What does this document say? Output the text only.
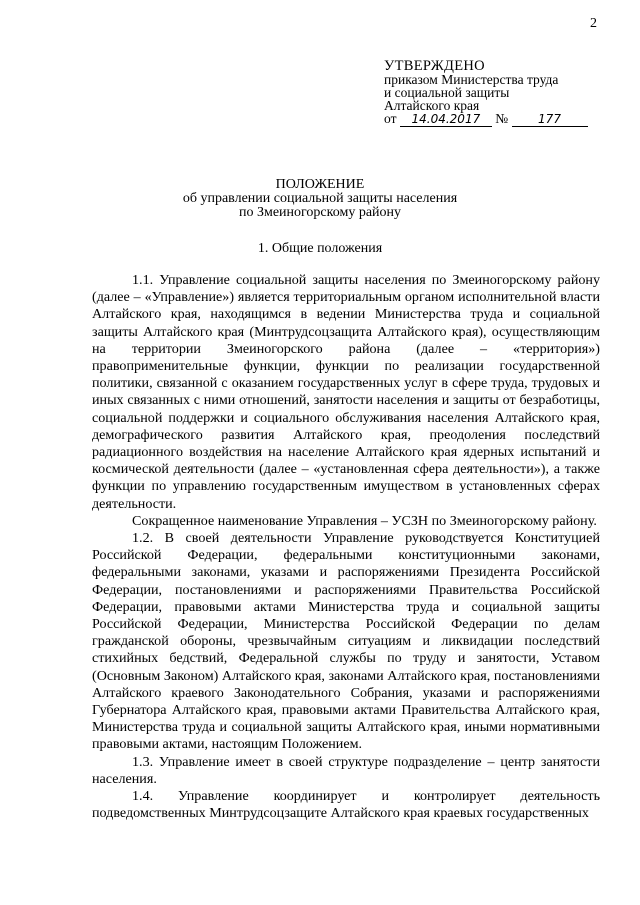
2
УТВЕРЖДЕНО
приказом Министерства труда
и социальной защиты
Алтайского края
от 14.04.2017 № 177
ПОЛОЖЕНИЕ
об управлении социальной защиты населения
по Змеиногорскому району
1. Общие положения

1.1. Управление социальной защиты населения по Змеиногорскому району (далее – «Управление») является территориальным органом исполнительной власти Алтайского края, находящимся в ведении Министерства труда и социальной защиты Алтайского края (Минтрудсоцзащита Алтайского края), осуществляющим на территории Змеиногорского района (далее – «территория») правоприменительные функции, функции по реализации государственной политики, связанной с оказанием государственных услуг в сфере труда, трудовых и иных связанных с ними отношений, занятости населения и защиты от безработицы, социальной поддержки и социального обслуживания населения Алтайского края, демографического развития Алтайского края, преодоления последствий радиационного воздействия на население Алтайского края ядерных испытаний и космической деятельности (далее – «установленная сфера деятельности»), а также функции по управлению государственным имуществом в установленных сферах деятельности.

Сокращенное наименование Управления – УСЗН по Змеиногорскому району.

1.2. В своей деятельности Управление руководствуется Конституцией Российской Федерации, федеральными конституционными законами, федеральными законами, указами и распоряжениями Президента Российской Федерации, постановлениями и распоряжениями Правительства Российской Федерации, правовыми актами Министерства труда и социальной защиты Российской Федерации, Министерства Российской Федерации по делам гражданской обороны, чрезвычайным ситуациям и ликвидации последствий стихийных бедствий, Федеральной службы по труду и занятости, Уставом (Основным Законом) Алтайского края, законами Алтайского края, постановлениями Алтайского краевого Законодательного Собрания, указами и распоряжениями Губернатора Алтайского края, правовыми актами Правительства Алтайского края, Министерства труда и социальной защиты Алтайского края, иными нормативными правовыми актами, настоящим Положением.

1.3. Управление имеет в своей структуре подразделение – центр занятости населения.

1.4. Управление координирует и контролирует деятельность подведомственных Минтрудсоцзащите Алтайского края краевых государственных
